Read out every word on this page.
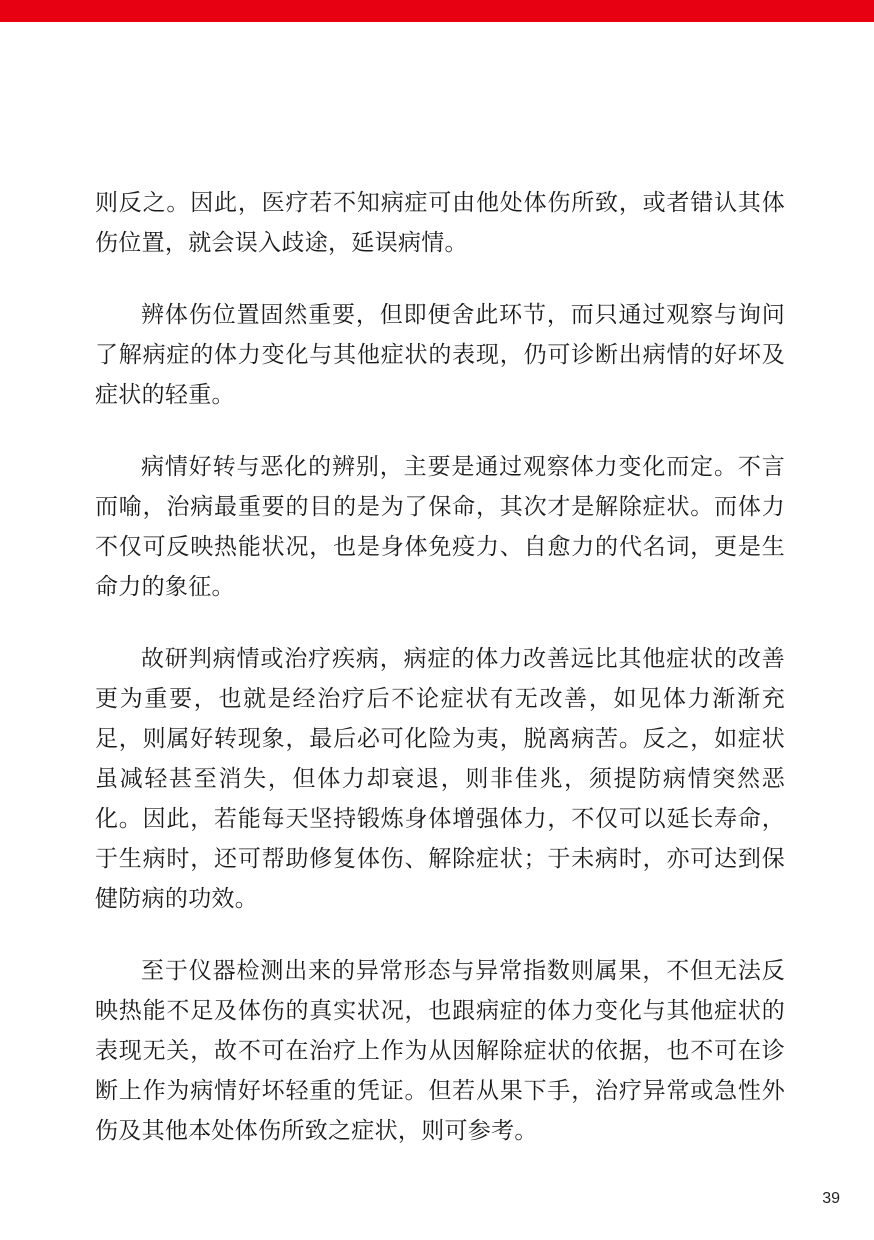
则反之。因此，医疗若不知病症可由他处体伤所致，或者错认其体伤位置，就会误入歧途，延误病情。

辨体伤位置固然重要，但即便舍此环节，而只通过观察与询问了解病症的体力变化与其他症状的表现，仍可诊断出病情的好坏及症状的轻重。

病情好转与恶化的辨别，主要是通过观察体力变化而定。不言而喻，治病最重要的目的是为了保命，其次才是解除症状。而体力不仅可反映热能状况，也是身体免疫力、自愈力的代名词，更是生命力的象征。

故研判病情或治疗疾病，病症的体力改善远比其他症状的改善更为重要，也就是经治疗后不论症状有无改善，如见体力渐渐充足，则属好转现象，最后必可化险为夷，脱离病苦。反之，如症状虽减轻甚至消失，但体力却衰退，则非佳兆，须提防病情突然恶化。因此，若能每天坚持锻炼身体增强体力，不仅可以延长寿命，于生病时，还可帮助修复体伤、解除症状；于未病时，亦可达到保健防病的功效。

至于仪器检测出来的异常形态与异常指数则属果，不但无法反映热能不足及体伤的真实状况，也跟病症的体力变化与其他症状的表现无关，故不可在治疗上作为从因解除症状的依据，也不可在诊断上作为病情好坏轻重的凭证。但若从果下手，治疗异常或急性外伤及其他本处体伤所致之症状，则可参考。

39
